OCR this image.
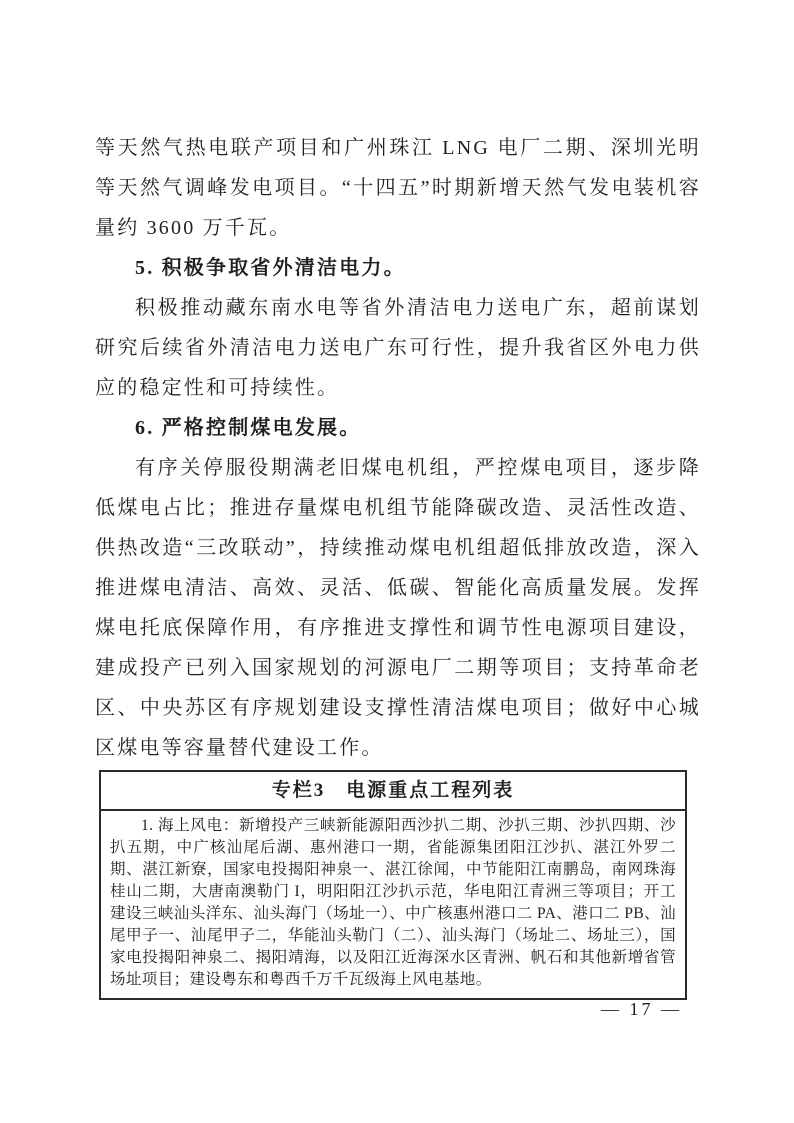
等天然气热电联产项目和广州珠江 LNG 电厂二期、深圳光明等天然气调峰发电项目。“十四五”时期新增天然气发电装机容量约 3600 万千瓦。

5. 积极争取省外清洁电力。

积极推动藏东南水电等省外清洁电力送电广东，超前谋划研究后续省外清洁电力送电广东可行性，提升我省区外电力供应的稳定性和可持续性。

6. 严格控制煤电发展。

有序关停服役期满老旧煤电机组，严控煤电项目，逐步降低煤电占比；推进存量煤电机组节能降碳改造、灵活性改造、供热改造“三改联动”，持续推动煤电机组超低排放改造，深入推进煤电清洁、高效、灵活、低碳、智能化高质量发展。发挥煤电托底保障作用，有序推进支撑性和调节性电源项目建设，建成投产已列入国家规划的河源电厂二期等项目；支持革命老区、中央苏区有序规划建设支撑性清洁煤电项目；做好中心城区煤电等容量替代建设工作。

专栏3　电源重点工程列表

1. 海上风电：新增投产三峡新能源阳西沙扒二期、沙扒三期、沙扒四期、沙扒五期，中广核汕尾后湖、惠州港口一期，省能源集团阳江沙扒、湛江外罗二期、湛江新寮，国家电投揭阳神泉一、湛江徐闻，中节能阳江南鹏岛，南网珠海桂山二期，大唐南澳勒门 I，明阳阳江沙扒示范，华电阳江青洲三等项目；开工建设三峡汕头洋东、汕头海门（场址一）、中广核惠州港口二 PA、港口二 PB、汕尾甲子一、汕尾甲子二，华能汕头勒门（二）、汕头海门（场址二、场址三），国家电投揭阳神泉二、揭阳靖海，以及阳江近海深水区青洲、帆石和其他新增省管场址项目；建设粤东和粤西千万千瓦级海上风电基地。

— 17 —
